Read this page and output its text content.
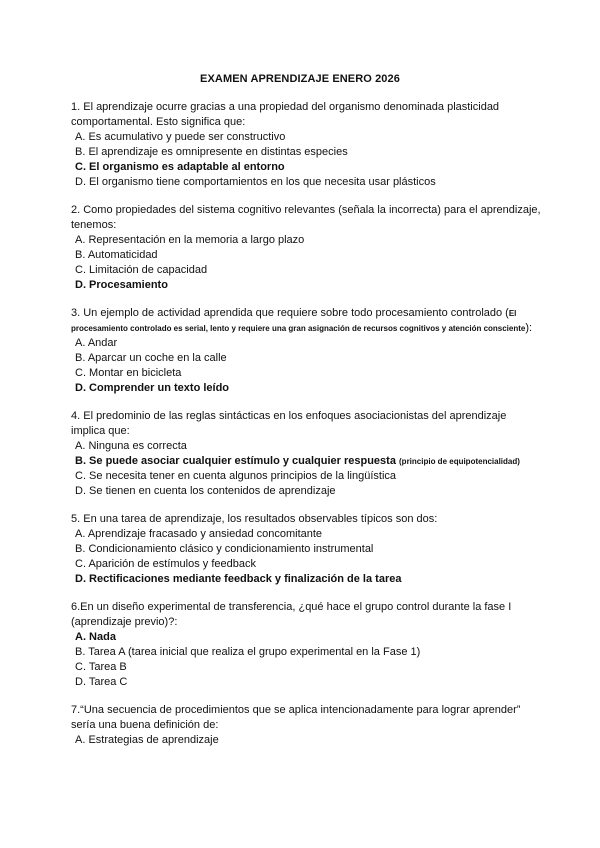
EXAMEN APRENDIZAJE ENERO 2026

1. El aprendizaje ocurre gracias a una propiedad del organismo denominada plasticidad comportamental. Esto significa que:

A. Es acumulativo y puede ser constructivo

B. El aprendizaje es omnipresente en distintas especies

C. El organismo es adaptable al entorno

D. El organismo tiene comportamientos en los que necesita usar plásticos

2. Como propiedades del sistema cognitivo relevantes (señala la incorrecta) para el aprendizaje, tenemos:

A. Representación en la memoria a largo plazo

B. Automaticidad

C. Limitación de capacidad

D. Procesamiento

3. Un ejemplo de actividad aprendida que requiere sobre todo procesamiento controlado (El procesamiento controlado es serial, lento y requiere una gran asignación de recursos cognitivos y atención consciente):

A. Andar

B. Aparcar un coche en la calle

C. Montar en bicicleta

D. Comprender un texto leído

4. El predominio de las reglas sintácticas en los enfoques asociacionistas del aprendizaje implica que:

A. Ninguna es correcta

B. Se puede asociar cualquier estímulo y cualquier respuesta (principio de equipotencialidad)

C. Se necesita tener en cuenta algunos principios de la lingüística

D. Se tienen en cuenta los contenidos de aprendizaje

5. En una tarea de aprendizaje, los resultados observables típicos son dos:

A. Aprendizaje fracasado y ansiedad concomitante

B. Condicionamiento clásico y condicionamiento instrumental

C. Aparición de estímulos y feedback

D. Rectificaciones mediante feedback y finalización de la tarea

6.En un diseño experimental de transferencia, ¿qué hace el grupo control durante la fase I (aprendizaje previo)?:

A. Nada

B. Tarea A (tarea inicial que realiza el grupo experimental en la Fase 1)

C. Tarea B

D. Tarea C

7.“Una secuencia de procedimientos que se aplica intencionadamente para lograr aprender” sería una buena definición de:

A. Estrategias de aprendizaje
